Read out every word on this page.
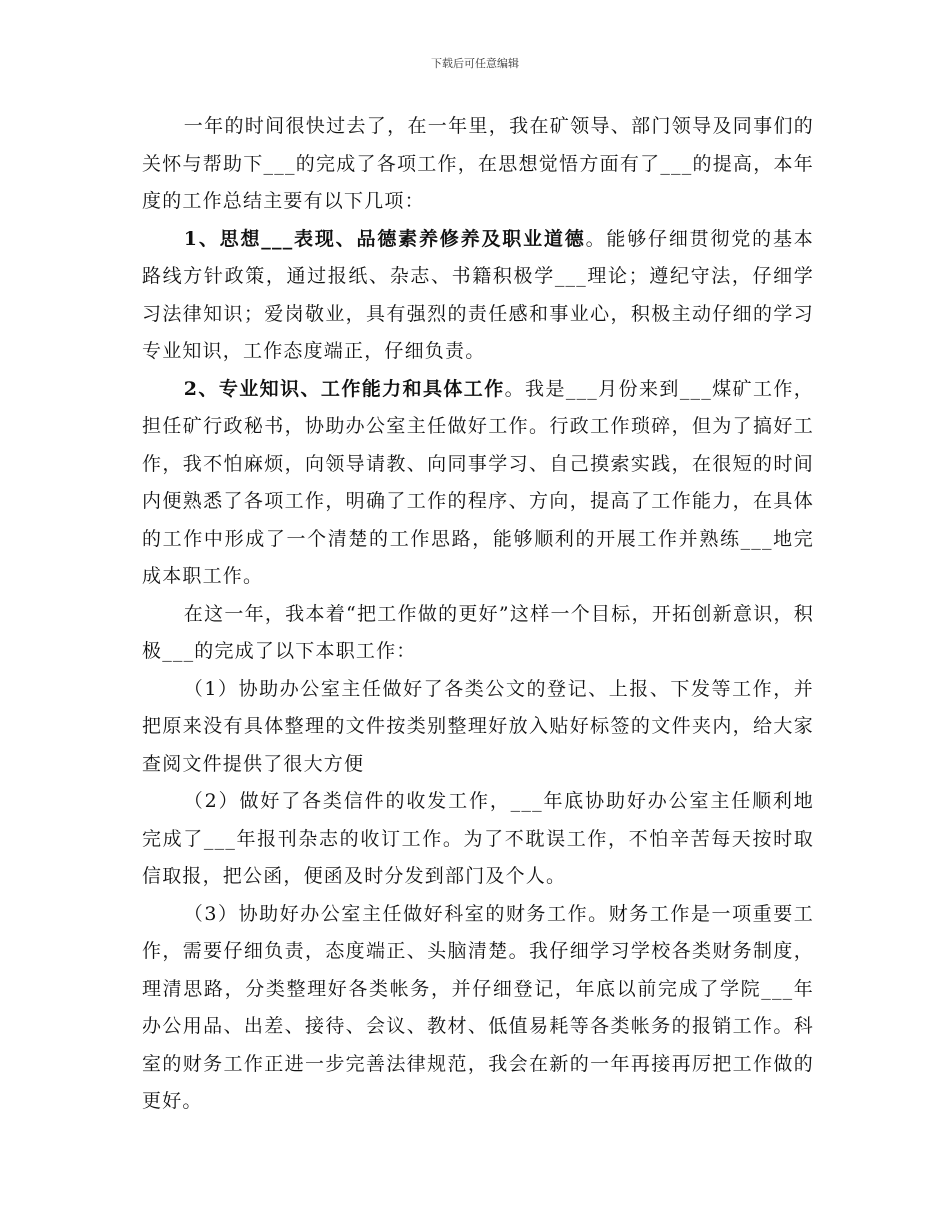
下载后可任意编辑

一年的时间很快过去了，在一年里，我在矿领导、部门领导及同事们的关怀与帮助下___的完成了各项工作，在思想觉悟方面有了___的提高，本年度的工作总结主要有以下几项：

1、思想___表现、品德素养修养及职业道德。能够仔细贯彻党的基本路线方针政策，通过报纸、杂志、书籍积极学___理论；遵纪守法，仔细学习法律知识；爱岗敬业，具有强烈的责任感和事业心，积极主动仔细的学习专业知识，工作态度端正，仔细负责。

2、专业知识、工作能力和具体工作。我是___月份来到___煤矿工作，担任矿行政秘书，协助办公室主任做好工作。行政工作琐碎，但为了搞好工作，我不怕麻烦，向领导请教、向同事学习、自己摸索实践，在很短的时间内便熟悉了各项工作，明确了工作的程序、方向，提高了工作能力，在具体的工作中形成了一个清楚的工作思路，能够顺利的开展工作并熟练___地完成本职工作。

在这一年，我本着“把工作做的更好”这样一个目标，开拓创新意识，积极___的完成了以下本职工作：

（1）协助办公室主任做好了各类公文的登记、上报、下发等工作，并把原来没有具体整理的文件按类别整理好放入贴好标签的文件夹内，给大家查阅文件提供了很大方便

（2）做好了各类信件的收发工作，___年底协助好办公室主任顺利地完成了___年报刊杂志的收订工作。为了不耽误工作，不怕辛苦每天按时取信取报，把公函，便函及时分发到部门及个人。

（3）协助好办公室主任做好科室的财务工作。财务工作是一项重要工作，需要仔细负责，态度端正、头脑清楚。我仔细学习学校各类财务制度，理清思路，分类整理好各类帐务，并仔细登记，年底以前完成了学院___年办公用品、出差、接待、会议、教材、低值易耗等各类帐务的报销工作。科室的财务工作正进一步完善法律规范，我会在新的一年再接再厉把工作做的更好。
